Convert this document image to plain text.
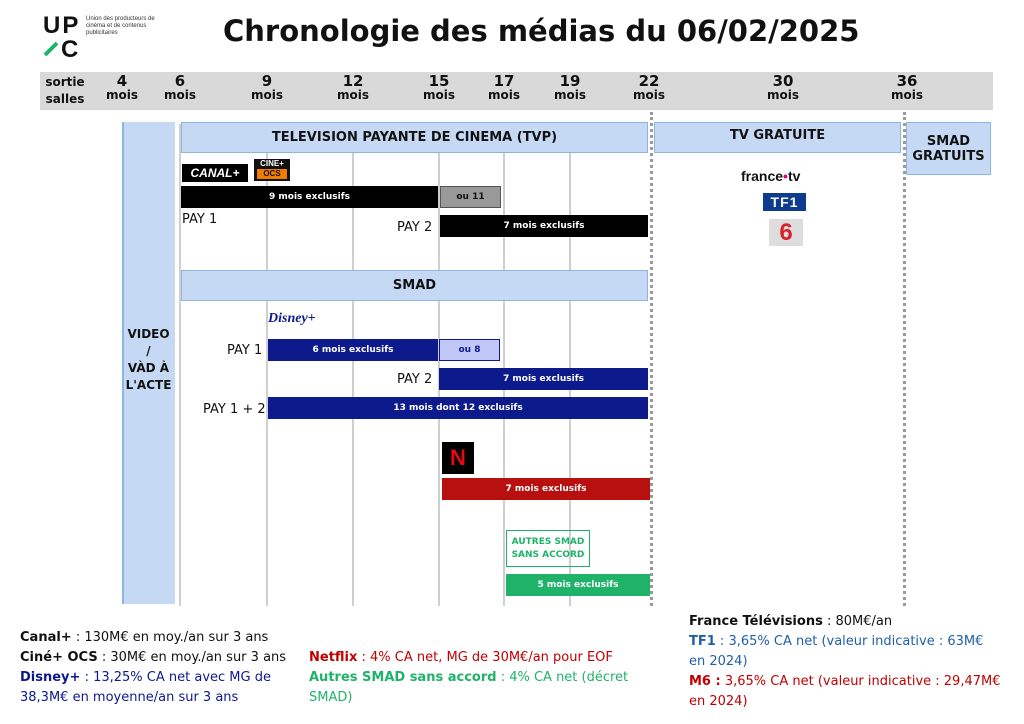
UP
C
Union des producteurs de cinéma et de contenus publicitaires	Chronologie des médias du 06/02/2025
sortie
salles
4
mois
6
mois
9
mois
12
mois
15
mois
17
mois
19
mois
22
mois
30
mois
36
mois
VIDEO
/
VÀD À
L'ACTE
TELEVISION PAYANTE DE CINEMA (TVP)	TV GRATUITE	SMAD
GRATUITS
SMAD
CANAL+
CINE+
OCS
9 mois exclusifs	ou 11
PAY 1
PAY 2	7 mois exclusifs
france•tv
TF1
6
Disney+
PAY 1	6 mois exclusifs	ou 8
PAY 2	7 mois exclusifs
PAY 1 + 2	13 mois dont 12 exclusifs
N
7 mois exclusifs
AUTRES SMAD
SANS ACCORD
5 mois exclusifs
Canal+ : 130M€ en moy./an sur 3 ans
Ciné+ OCS : 30M€ en moy./an sur 3 ans
Disney+ : 13,25% CA net avec MG de
38,3M€ en moyenne/an sur 3 ans
Netflix : 4% CA net, MG de 30M€/an pour EOF
Autres SMAD sans accord : 4% CA net (décret
SMAD)
France Télévisions : 80M€/an
TF1 : 3,65% CA net (valeur indicative : 63M€
en 2024)
M6 : 3,65% CA net (valeur indicative : 29,47M€
en 2024)
